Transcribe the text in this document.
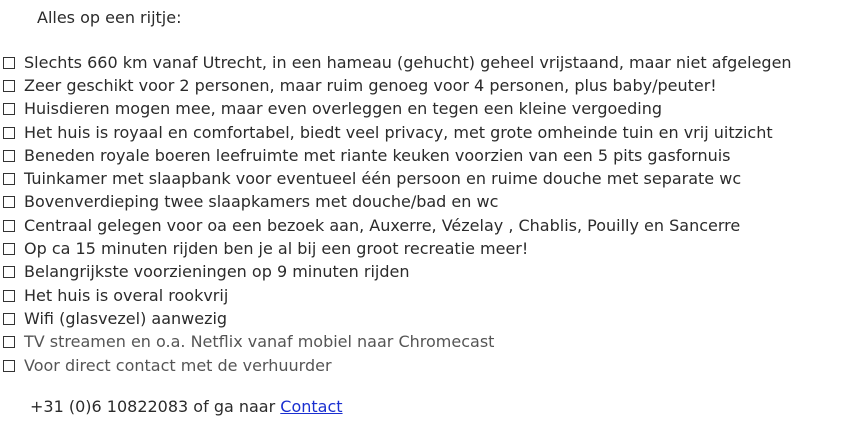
Alles op een rijtje:

Slechts 660 km vanaf Utrecht, in een hameau (gehucht) geheel vrijstaand, maar niet afgelegen
Zeer geschikt voor 2 personen, maar ruim genoeg voor 4 personen, plus baby/peuter!
Huisdieren mogen mee, maar even overleggen en tegen een kleine vergoeding
Het huis is royaal en comfortabel, biedt veel privacy, met grote omheinde tuin en vrij uitzicht
Beneden royale boeren leefruimte met riante keuken voorzien van een 5 pits gasfornuis
Tuinkamer met slaapbank voor eventueel één persoon en ruime douche met separate wc
Bovenverdieping twee slaapkamers met douche/bad en wc
Centraal gelegen voor oa een bezoek aan, Auxerre, Vézelay , Chablis, Pouilly en Sancerre
Op ca 15 minuten rijden ben je al bij een groot recreatie meer!
Belangrijkste voorzieningen op 9 minuten rijden
Het huis is overal rookvrij
Wifi (glasvezel) aanwezig
TV streamen en o.a. Netflix vanaf mobiel naar Chromecast
Voor direct contact met de verhuurder

+31 (0)6 10822083 of ga naar Contact
